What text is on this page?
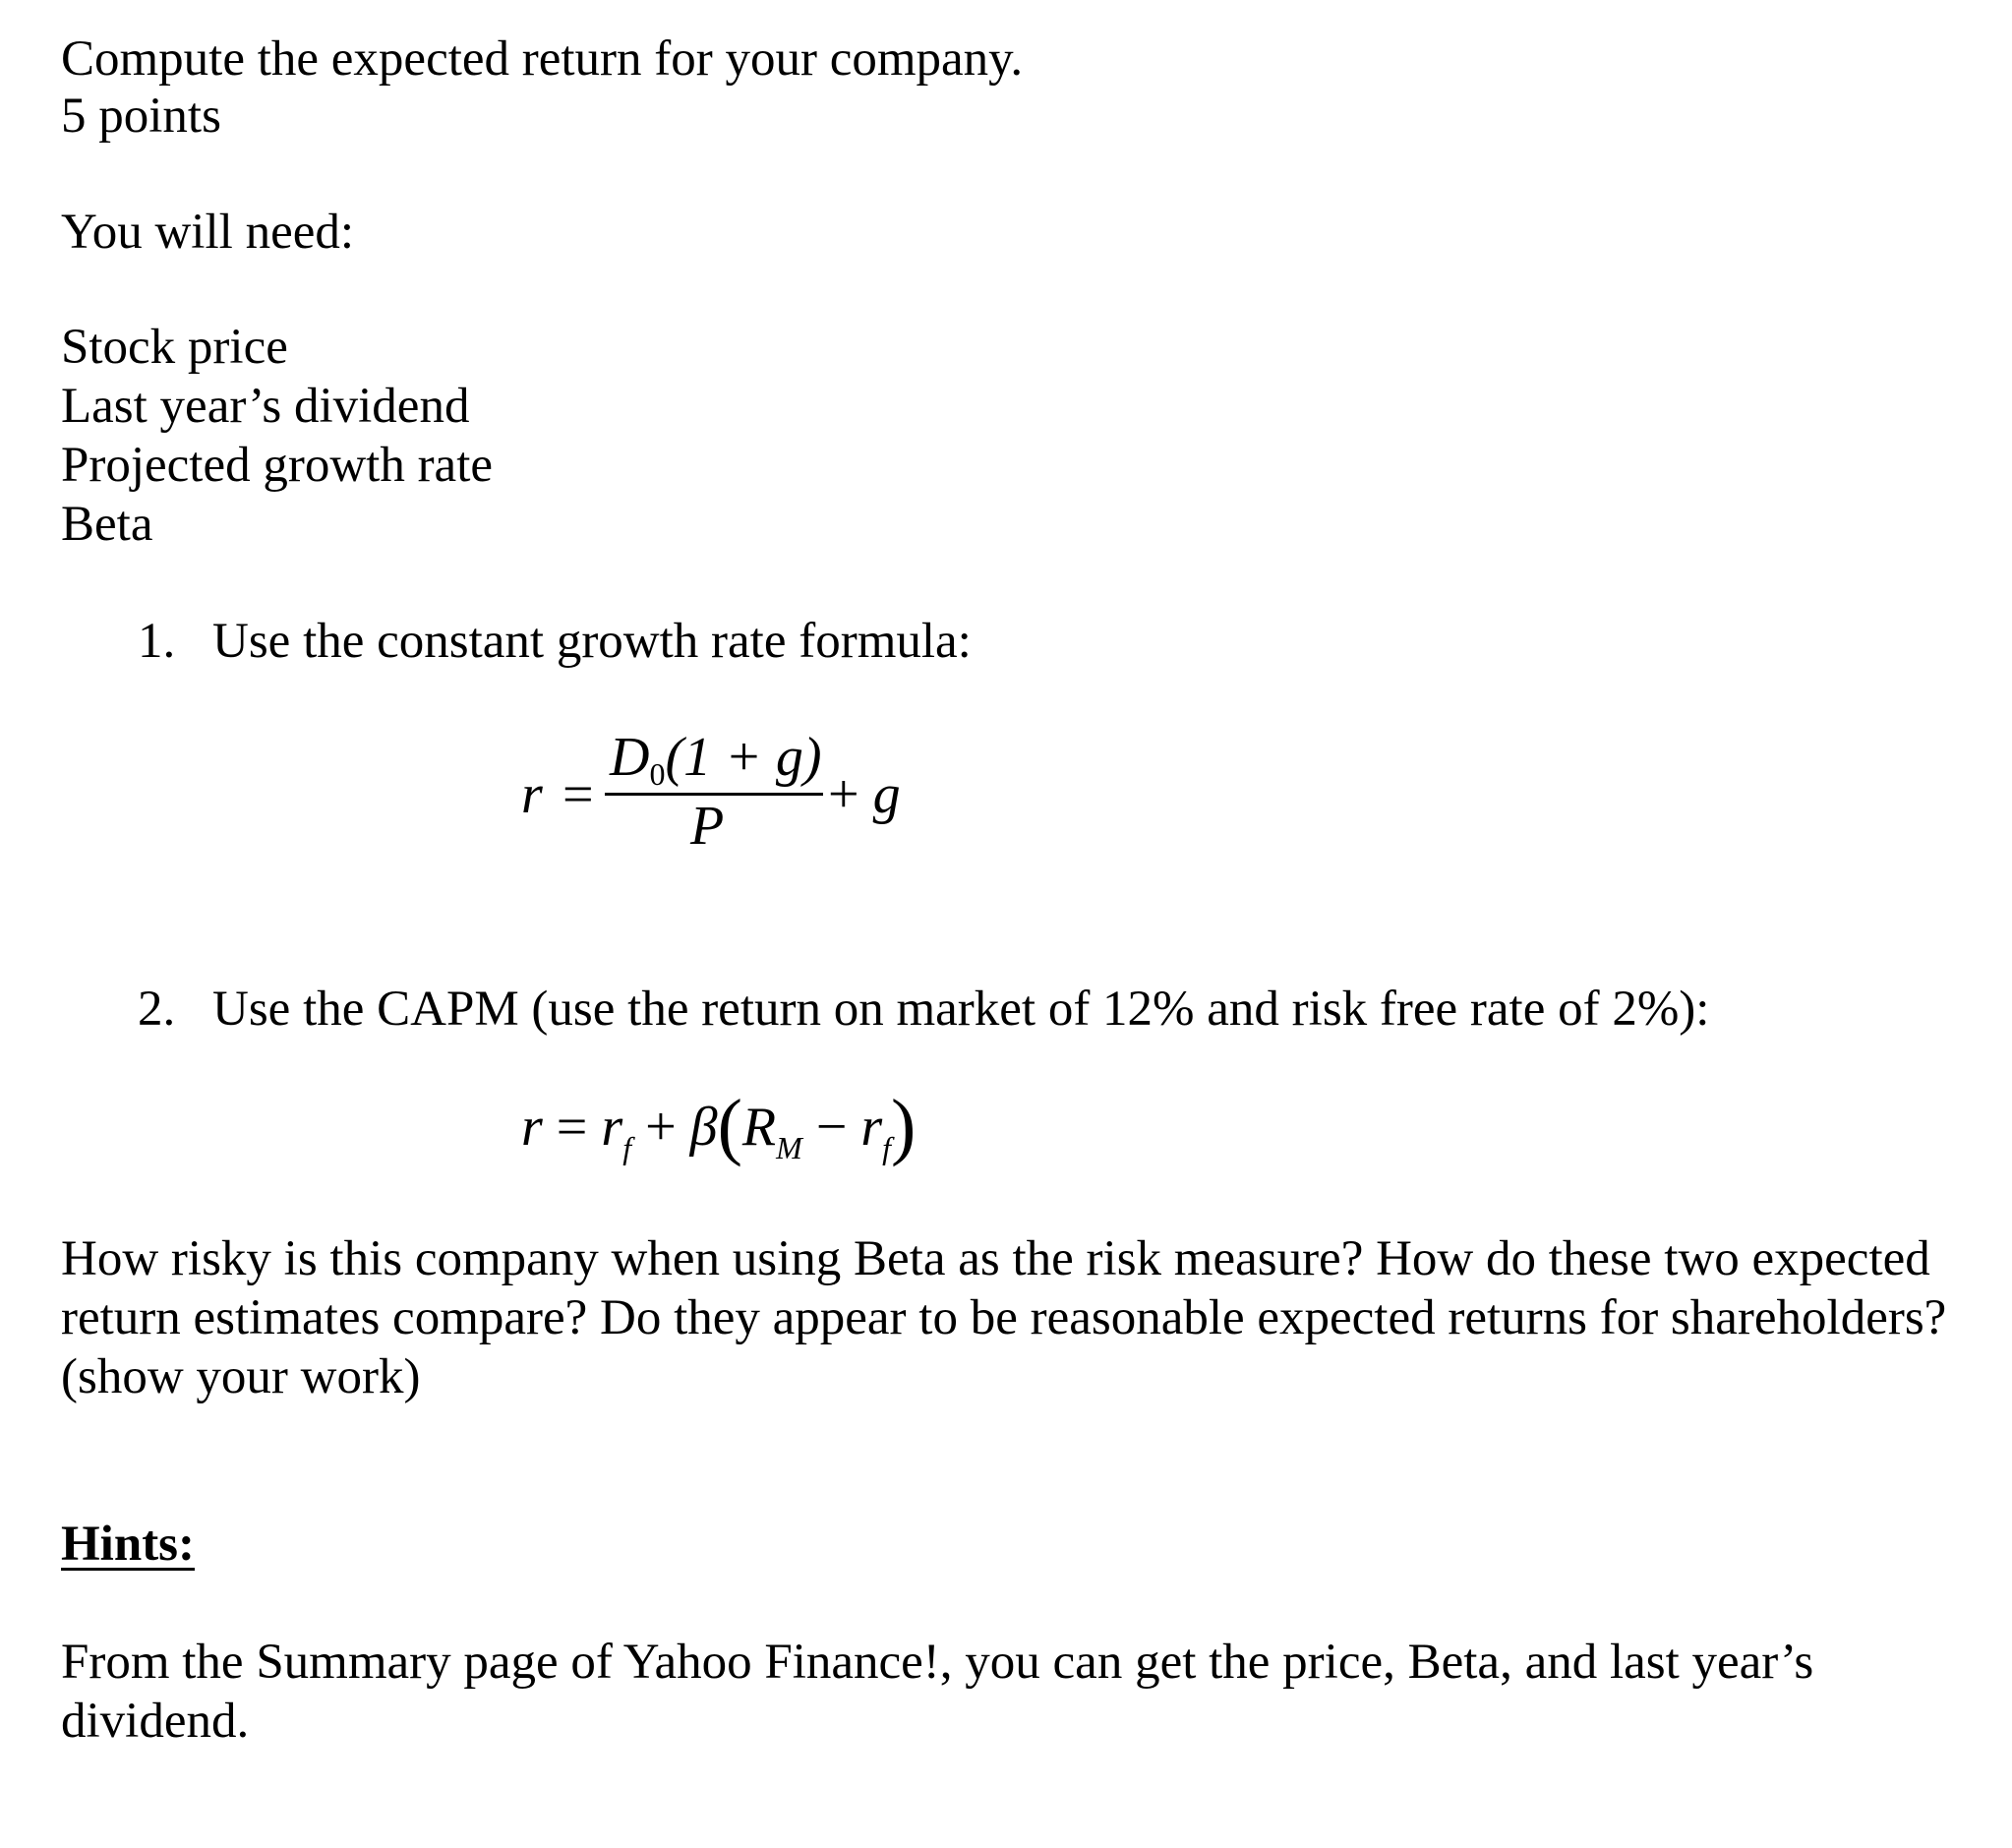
Compute the expected return for your company.
5 points
You will need:
Stock price
Last year’s dividend
Projected growth rate
Beta
1. Use the constant growth rate formula:
r =
$D_0(1 + g)$
P
+ g
2. Use the CAPM (use the return on market of 12% and risk free rate of 2%):
$r = r_f + \beta(R_M - r_f)$
How risky is this company when using Beta as the risk measure? How do these two expected
return estimates compare? Do they appear to be reasonable expected returns for shareholders?
(show your work)
Hints:
From the Summary page of Yahoo Finance!, you can get the price, Beta, and last year’s
dividend.
